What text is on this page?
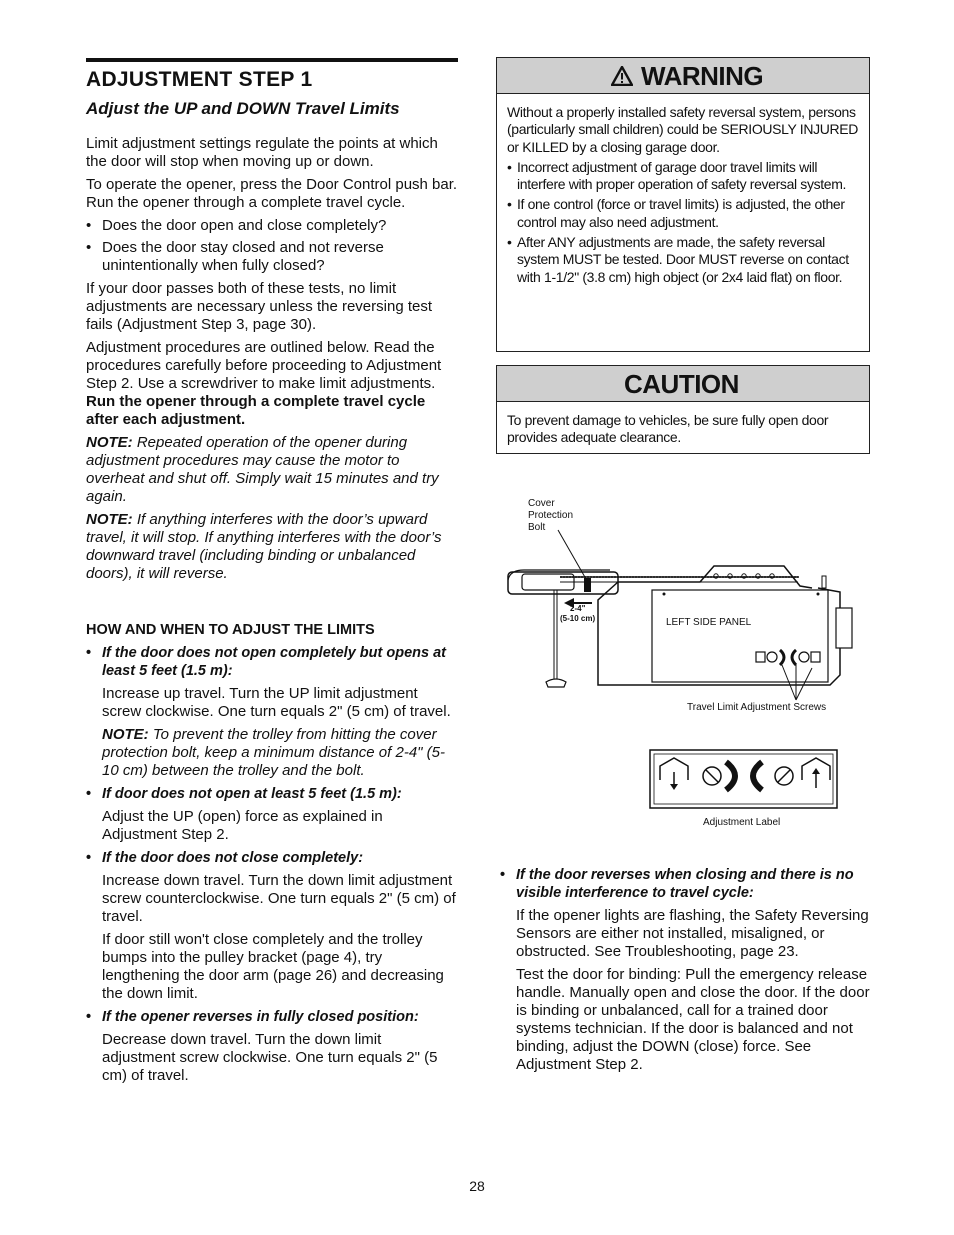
ADJUSTMENT STEP 1
Adjust the UP and DOWN Travel Limits

Limit adjustment settings regulate the points at which the door will stop when moving up or down.

To operate the opener, press the Door Control push bar. Run the opener through a complete travel cycle.

• Does the door open and close completely?
• Does the door stay closed and not reverse unintentionally when fully closed?

If your door passes both of these tests, no limit adjustments are necessary unless the reversing test fails (Adjustment Step 3, page 30).

Adjustment procedures are outlined below. Read the procedures carefully before proceeding to Adjustment Step 2. Use a screwdriver to make limit adjustments. Run the opener through a complete travel cycle after each adjustment.

NOTE: Repeated operation of the opener during adjustment procedures may cause the motor to overheat and shut off. Simply wait 15 minutes and try again.

NOTE: If anything interferes with the door’s upward travel, it will stop. If anything interferes with the door’s downward travel (including binding or unbalanced doors), it will reverse.

HOW AND WHEN TO ADJUST THE LIMITS
• If the door does not open completely but opens at least 5 feet (1.5 m):

Increase up travel. Turn the UP limit adjustment screw clockwise. One turn equals 2" (5 cm) of travel.

NOTE: To prevent the trolley from hitting the cover protection bolt, keep a minimum distance of 2-4" (5-10 cm) between the trolley and the bolt.

• If door does not open at least 5 feet (1.5 m):

Adjust the UP (open) force as explained in Adjustment Step 2.

• If the door does not close completely:

Increase down travel. Turn the down limit adjustment screw counterclockwise. One turn equals 2" (5 cm) of travel.

If door still won't close completely and the trolley bumps into the pulley bracket (page 4), try lengthening the door arm (page 26) and decreasing the down limit.

• If the opener reverses in fully closed position:

Decrease down travel. Turn the down limit adjustment screw clockwise. One turn equals 2" (5 cm) of travel.

WARNING

Without a properly installed safety reversal system, persons (particularly small children) could be SERIOUSLY INJURED or KILLED by a closing garage door.

• Incorrect adjustment of garage door travel limits will interfere with proper operation of safety reversal system.
• If one control (force or travel limits) is adjusted, the other control may also need adjustment.
• After ANY adjustments are made, the safety reversal system MUST be tested. Door MUST reverse on contact with 1-1/2" (3.8 cm) high object (or 2x4 laid flat) on floor.
CAUTION

To prevent damage to vehicles, be sure fully open door provides adequate clearance.

Cover
Protection
Bolt
2-4"
(5-10 cm)	LEFT SIDE PANEL
Travel Limit Adjustment Screws
Adjustment Label
• If the door reverses when closing and there is no visible interference to travel cycle:

If the opener lights are flashing, the Safety Reversing Sensors are either not installed, misaligned, or obstructed. See Troubleshooting, page 23.

Test the door for binding: Pull the emergency release handle. Manually open and close the door. If the door is binding or unbalanced, call for a trained door systems technician. If the door is balanced and not binding, adjust the DOWN (close) force. See Adjustment Step 2.

28
